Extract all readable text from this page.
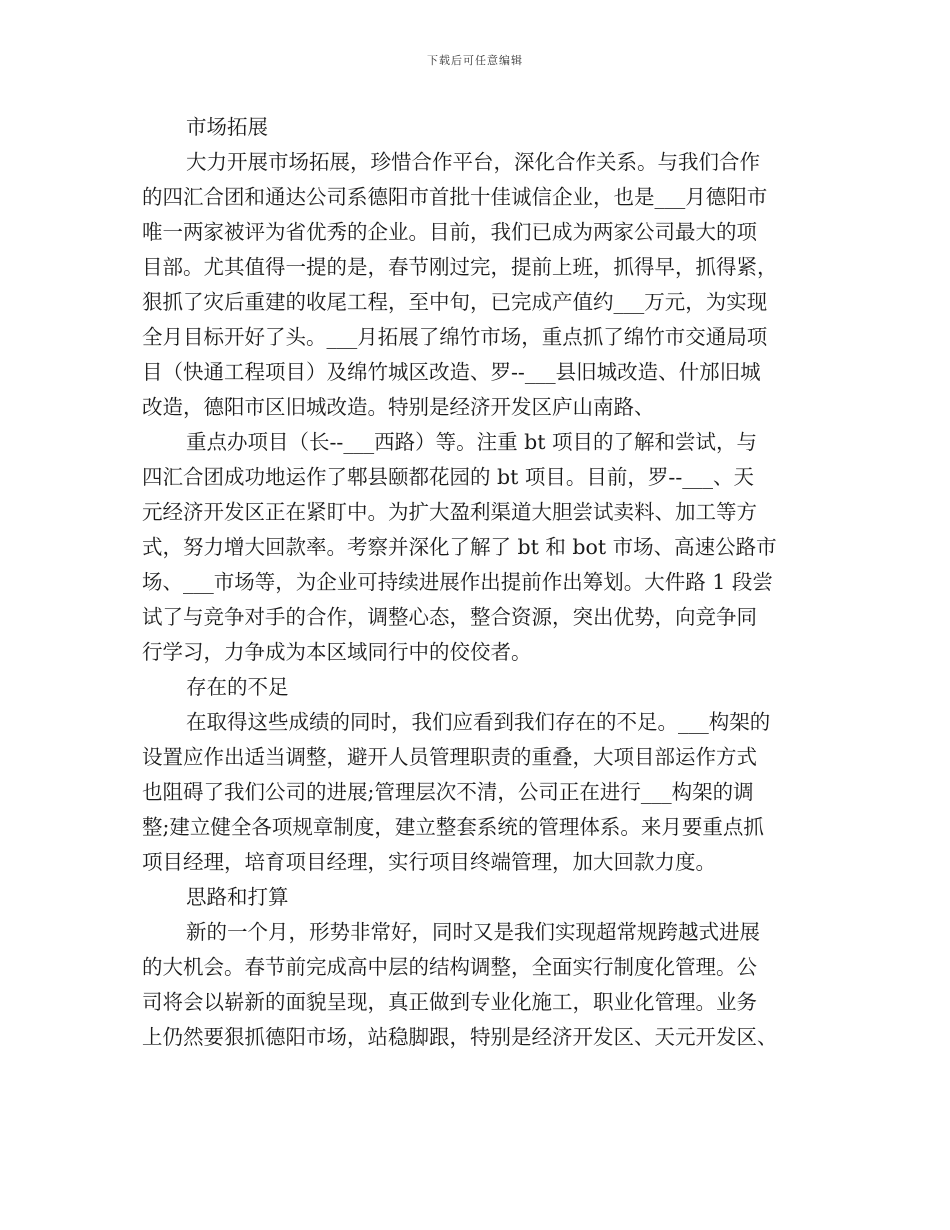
下载后可任意编辑
市场拓展
大力开展市场拓展，珍惜合作平台，深化合作关系。与我们合作
的四汇合团和通达公司系德阳市首批十佳诚信企业，也是___月德阳市
唯一两家被评为省优秀的企业。目前，我们已成为两家公司最大的项
目部。尤其值得一提的是，春节刚过完，提前上班，抓得早，抓得紧，
狠抓了灾后重建的收尾工程，至中旬，已完成产值约___万元，为实现
全月目标开好了头。___月拓展了绵竹市场，重点抓了绵竹市交通局项
目（快通工程项目）及绵竹城区改造、罗--___县旧城改造、什邡旧城
改造，德阳市区旧城改造。特别是经济开发区庐山南路、
重点办项目（长--___西路）等。注重 bt 项目的了解和尝试，与
四汇合团成功地运作了郫县颐都花园的 bt 项目。目前，罗--___、天
元经济开发区正在紧盯中。为扩大盈利渠道大胆尝试卖料、加工等方
式，努力增大回款率。考察并深化了解了 bt 和 bot 市场、高速公路市
场、___市场等，为企业可持续进展作出提前作出筹划。大件路 1 段尝
试了与竞争对手的合作，调整心态，整合资源，突出优势，向竞争同
行学习，力争成为本区域同行中的佼佼者。
存在的不足
在取得这些成绩的同时，我们应看到我们存在的不足。___构架的
设置应作出适当调整，避开人员管理职责的重叠，大项目部运作方式
也阻碍了我们公司的进展;管理层次不清，公司正在进行___构架的调
整;建立健全各项规章制度，建立整套系统的管理体系。来月要重点抓
项目经理，培育项目经理，实行项目终端管理，加大回款力度。
思路和打算
新的一个月，形势非常好，同时又是我们实现超常规跨越式进展
的大机会。春节前完成高中层的结构调整，全面实行制度化管理。公
司将会以崭新的面貌呈现，真正做到专业化施工，职业化管理。业务
上仍然要狠抓德阳市场，站稳脚跟，特别是经济开发区、天元开发区、
